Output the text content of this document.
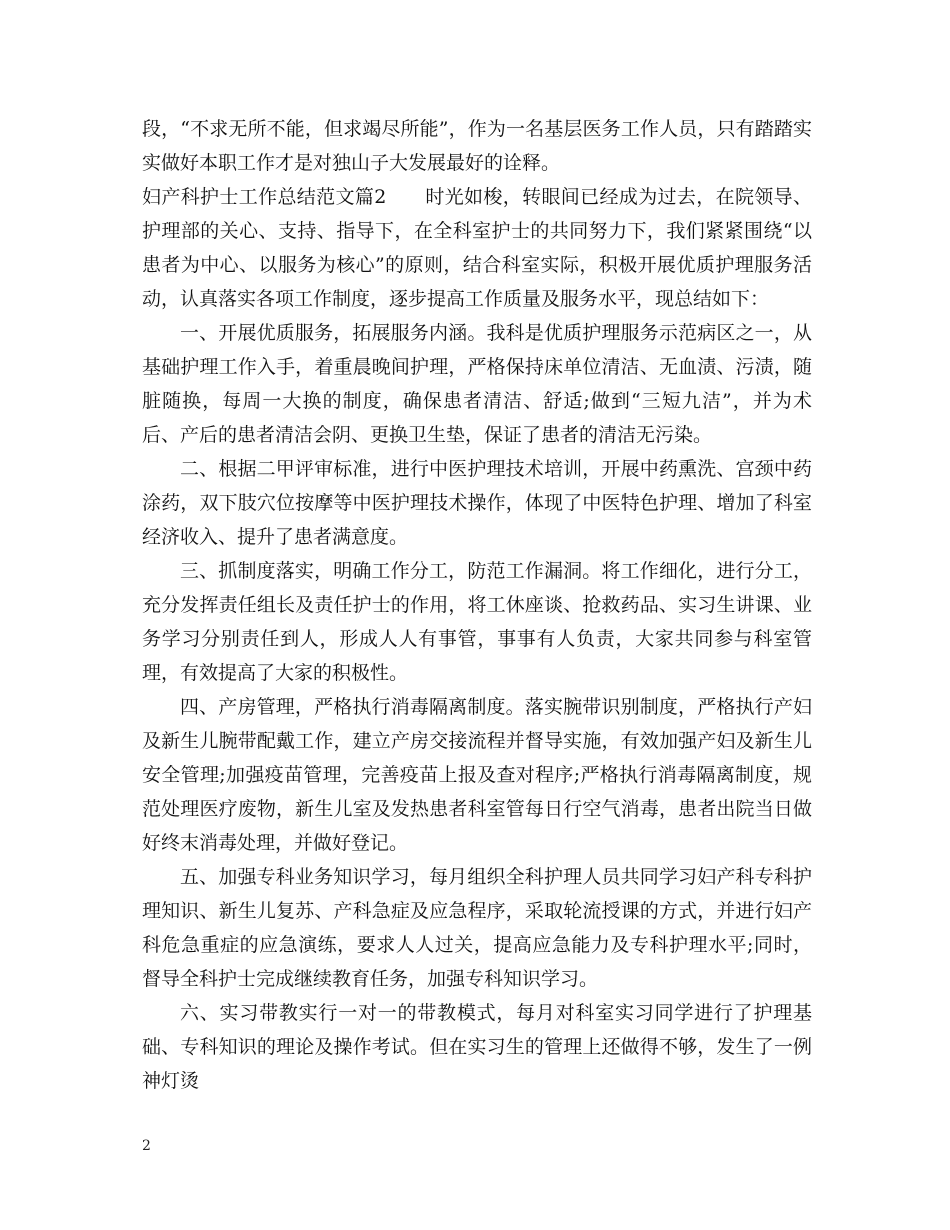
段，“不求无所不能，但求竭尽所能”，作为一名基层医务工作人员，只有踏踏实实做好本职工作才是对独山子大发展最好的诠释。

妇产科护士工作总结范文篇2　　时光如梭，转眼间已经成为过去，在院领导、护理部的关心、支持、指导下，在全科室护士的共同努力下，我们紧紧围绕“以患者为中心、以服务为核心”的原则，结合科室实际，积极开展优质护理服务活动，认真落实各项工作制度，逐步提高工作质量及服务水平，现总结如下：

一、开展优质服务，拓展服务内涵。我科是优质护理服务示范病区之一，从基础护理工作入手，着重晨晚间护理，严格保持床单位清洁、无血渍、污渍，随脏随换，每周一大换的制度，确保患者清洁、舒适;做到“三短九洁”，并为术后、产后的患者清洁会阴、更换卫生垫，保证了患者的清洁无污染。

二、根据二甲评审标准，进行中医护理技术培训，开展中药熏洗、宫颈中药涂药，双下肢穴位按摩等中医护理技术操作，体现了中医特色护理、增加了科室经济收入、提升了患者满意度。

三、抓制度落实，明确工作分工，防范工作漏洞。将工作细化，进行分工，充分发挥责任组长及责任护士的作用，将工休座谈、抢救药品、实习生讲课、业务学习分别责任到人，形成人人有事管，事事有人负责，大家共同参与科室管理，有效提高了大家的积极性。

四、产房管理，严格执行消毒隔离制度。落实腕带识别制度，严格执行产妇及新生儿腕带配戴工作，建立产房交接流程并督导实施，有效加强产妇及新生儿安全管理;加强疫苗管理，完善疫苗上报及查对程序;严格执行消毒隔离制度，规范处理医疗废物，新生儿室及发热患者科室管每日行空气消毒，患者出院当日做好终末消毒处理，并做好登记。

五、加强专科业务知识学习，每月组织全科护理人员共同学习妇产科专科护理知识、新生儿复苏、产科急症及应急程序，采取轮流授课的方式，并进行妇产科危急重症的应急演练，要求人人过关，提高应急能力及专科护理水平;同时，督导全科护士完成继续教育任务，加强专科知识学习。

六、实习带教实行一对一的带教模式，每月对科室实习同学进行了护理基础、专科知识的理论及操作考试。但在实习生的管理上还做得不够，发生了一例神灯烫

2
